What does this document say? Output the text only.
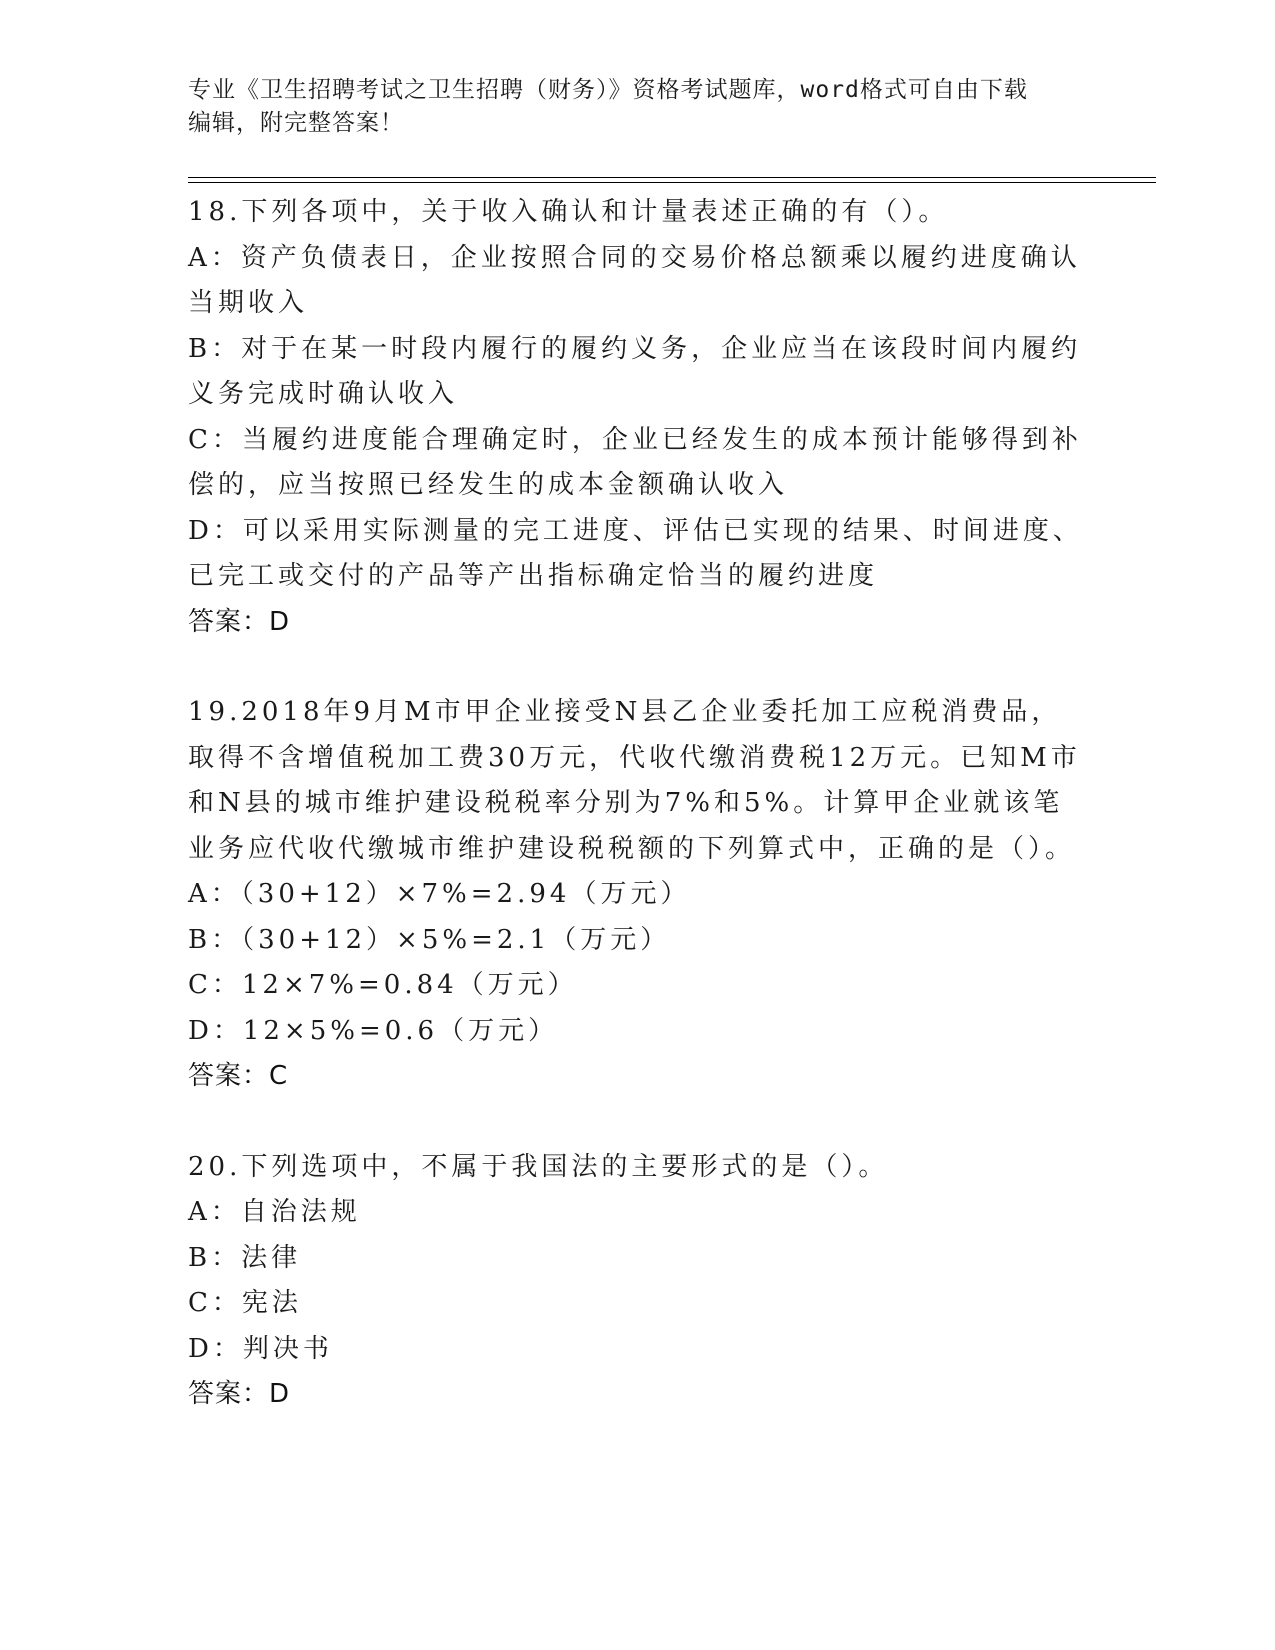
专业《卫生招聘考试之卫生招聘（财务）》资格考试题库，word格式可自由下载

编辑，附完整答案！

18.下列各项中，关于收入确认和计量表述正确的有（）。

A：资产负债表日，企业按照合同的交易价格总额乘以履约进度确认当期收入

B：对于在某一时段内履行的履约义务，企业应当在该段时间内履约义务完成时确认收入

C：当履约进度能合理确定时，企业已经发生的成本预计能够得到补偿的，应当按照已经发生的成本金额确认收入

D：可以采用实际测量的完工进度、评估已实现的结果、时间进度、已完工或交付的产品等产出指标确定恰当的履约进度

答案：D

19.2018年9月M市甲企业接受N县乙企业委托加工应税消费品，取得不含增值税加工费30万元，代收代缴消费税12万元。已知M市和N县的城市维护建设税税率分别为7%和5%。计算甲企业就该笔业务应代收代缴城市维护建设税税额的下列算式中，正确的是（）。

A：（30+12）×7%=2.94（万元）

B：（30+12）×5%=2.1（万元）

C：12×7%=0.84（万元）

D：12×5%=0.6（万元）

答案：C

20.下列选项中，不属于我国法的主要形式的是（）。

A：自治法规

B：法律

C：宪法

D：判决书

答案：D
